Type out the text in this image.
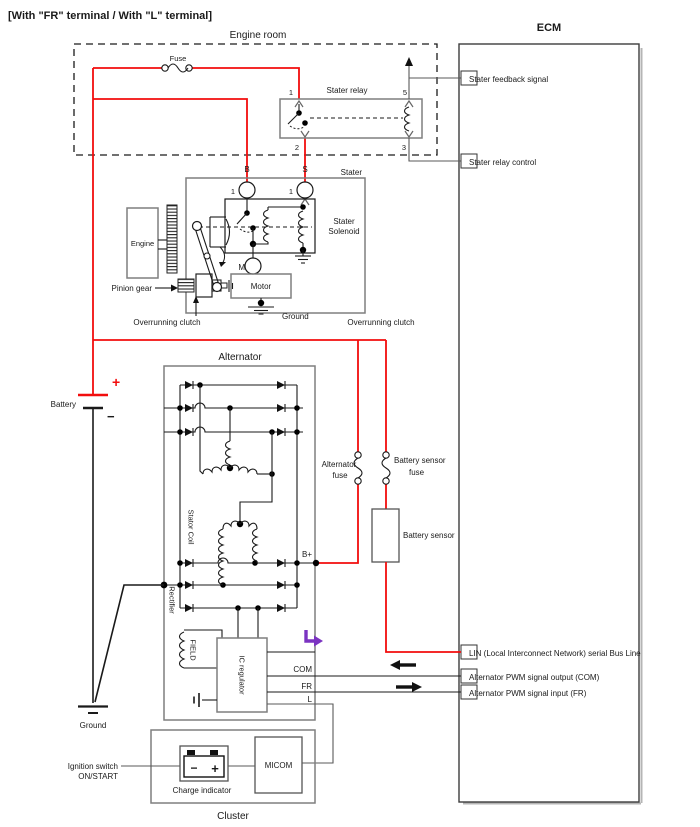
[With "FR" terminal / With "L" terminal]
ECM
Engine room
Fuse
Stater relay
1	5
2	3
Stater feedback signal
Stater relay control
LIN (Local Interconnect Network) serial Bus Line
Alternator PWM signal output (COM)
Alternator PWM signal input (FR)
Stater
B	S
1	1
Stater
Solenoid
M
Motor
Ground
Engine
Pinion gear
Overrunning clutch	Overrunning clutch
Battery
+
−
Ground
Alternator
Stator Coil
Rectifier
IC regulator
FIELD
B+
COM
FR
L
Alternator
fuse
Battery sensor
fuse
Battery sensor
Cluster
− +
Charge indicator
MICOM
Ignition switch
ON/START
